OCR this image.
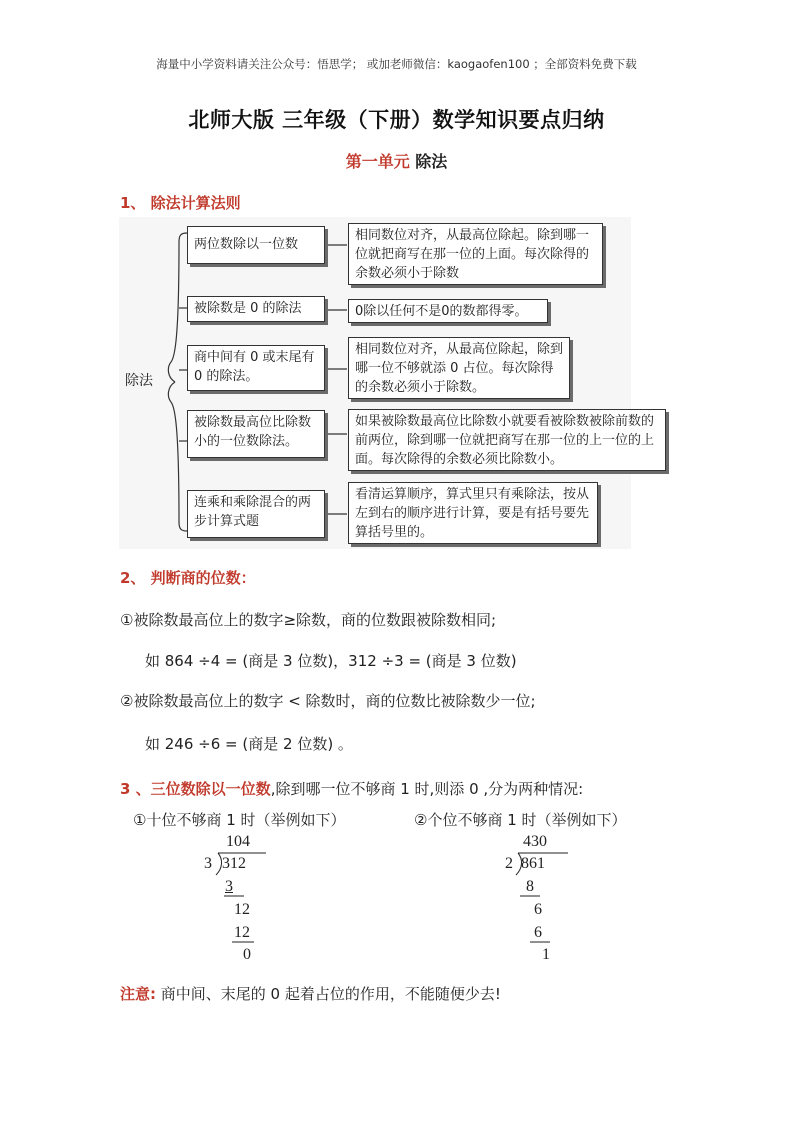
海量中小学资料请关注公众号：悟思学； 或加老师微信：kaogaofen100 ；全部资料免费下载
北师大版 三年级（下册）数学知识要点归纳
第一单元 除法
1、 除法计算法则
除法
两位数除以一位数
相同数位对齐，从最高位除起。除到哪一位就把商写在那一位的上面。每次除得的余数必须小于除数
被除数是 0 的除法	0除以任何不是0的数都得零。
商中间有 0 或末尾有 0 的除法。
相同数位对齐，从最高位除起，除到哪一位不够就添 0 占位。每次除得的余数必须小于除数。
被除数最高位比除数小的一位数除法。
如果被除数最高位比除数小就要看被除数被除前数的前两位，除到哪一位就把商写在那一位的上一位的上面。每次除得的余数必须比除数小。
连乘和乘除混合的两步计算式题
看清运算顺序，算式里只有乘除法，按从左到右的顺序进行计算，要是有括号要先算括号里的。
2、 判断商的位数：
①被除数最高位上的数字≥除数，商的位数跟被除数相同;
如 864 ÷4 = (商是 3 位数)，312 ÷3 = (商是 3 位数)
②被除数最高位上的数字 < 除数时，商的位数比被除数少一位;
如 246 ÷6 = (商是 2 位数) 。
3 、三位数除以一位数,除到哪一位不够商 1 时,则添 0 ,分为两种情况:
①十位不够商 1 时（举例如下）
104
3 312
3
12
12
0
②个位不够商 1 时（举例如下）
430
2 861
8
6
6
1
注意: 商中间、末尾的 0 起着占位的作用，不能随便少去!
